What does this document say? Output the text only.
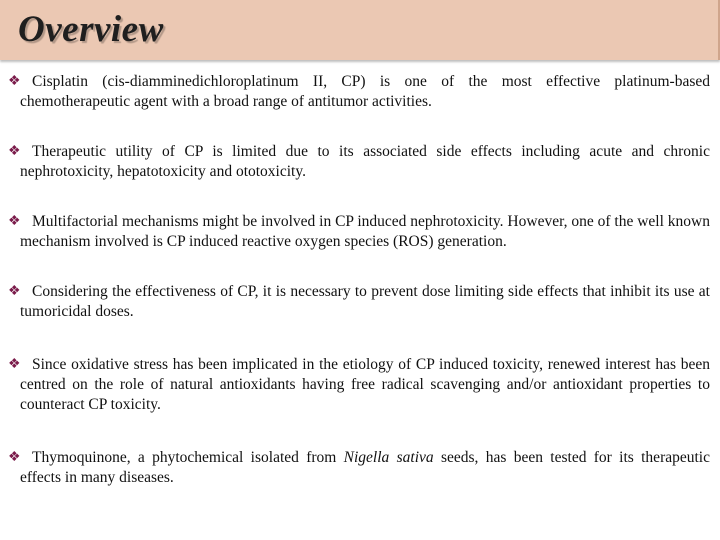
Overview
❖ Cisplatin (cis-diamminedichloroplatinum II, CP) is one of the most effective platinum-based chemotherapeutic agent with a broad range of antitumor activities.
❖ Therapeutic utility of CP is limited due to its associated side effects including acute and chronic nephrotoxicity, hepatotoxicity and ototoxicity.
❖ Multifactorial mechanisms might be involved in CP induced nephrotoxicity. However, one of the well known mechanism involved is CP induced reactive oxygen species (ROS) generation.
❖ Considering the effectiveness of CP, it is necessary to prevent dose limiting side effects that inhibit its use at tumoricidal doses.
❖ Since oxidative stress has been implicated in the etiology of CP induced toxicity, renewed interest has been centred on the role of natural antioxidants having free radical scavenging and/or antioxidant properties to counteract CP toxicity.
❖ Thymoquinone, a phytochemical isolated from Nigella sativa seeds, has been tested for its therapeutic effects in many diseases.
